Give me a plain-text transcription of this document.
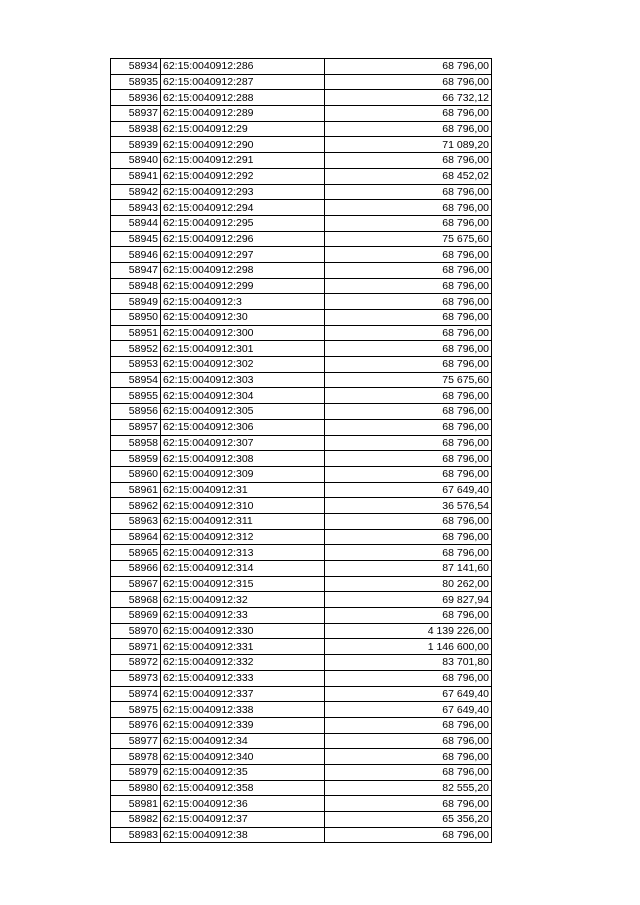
58934	62:15:0040912:286	68 796,00
58935	62:15:0040912:287	68 796,00
58936	62:15:0040912:288	66 732,12
58937	62:15:0040912:289	68 796,00
58938	62:15:0040912:29	68 796,00
58939	62:15:0040912:290	71 089,20
58940	62:15:0040912:291	68 796,00
58941	62:15:0040912:292	68 452,02
58942	62:15:0040912:293	68 796,00
58943	62:15:0040912:294	68 796,00
58944	62:15:0040912:295	68 796,00
58945	62:15:0040912:296	75 675,60
58946	62:15:0040912:297	68 796,00
58947	62:15:0040912:298	68 796,00
58948	62:15:0040912:299	68 796,00
58949	62:15:0040912:3	68 796,00
58950	62:15:0040912:30	68 796,00
58951	62:15:0040912:300	68 796,00
58952	62:15:0040912:301	68 796,00
58953	62:15:0040912:302	68 796,00
58954	62:15:0040912:303	75 675,60
58955	62:15:0040912:304	68 796,00
58956	62:15:0040912:305	68 796,00
58957	62:15:0040912:306	68 796,00
58958	62:15:0040912:307	68 796,00
58959	62:15:0040912:308	68 796,00
58960	62:15:0040912:309	68 796,00
58961	62:15:0040912:31	67 649,40
58962	62:15:0040912:310	36 576,54
58963	62:15:0040912:311	68 796,00
58964	62:15:0040912:312	68 796,00
58965	62:15:0040912:313	68 796,00
58966	62:15:0040912:314	87 141,60
58967	62:15:0040912:315	80 262,00
58968	62:15:0040912:32	69 827,94
58969	62:15:0040912:33	68 796,00
58970	62:15:0040912:330	4 139 226,00
58971	62:15:0040912:331	1 146 600,00
58972	62:15:0040912:332	83 701,80
58973	62:15:0040912:333	68 796,00
58974	62:15:0040912:337	67 649,40
58975	62:15:0040912:338	67 649,40
58976	62:15:0040912:339	68 796,00
58977	62:15:0040912:34	68 796,00
58978	62:15:0040912:340	68 796,00
58979	62:15:0040912:35	68 796,00
58980	62:15:0040912:358	82 555,20
58981	62:15:0040912:36	68 796,00
58982	62:15:0040912:37	65 356,20
58983	62:15:0040912:38	68 796,00
